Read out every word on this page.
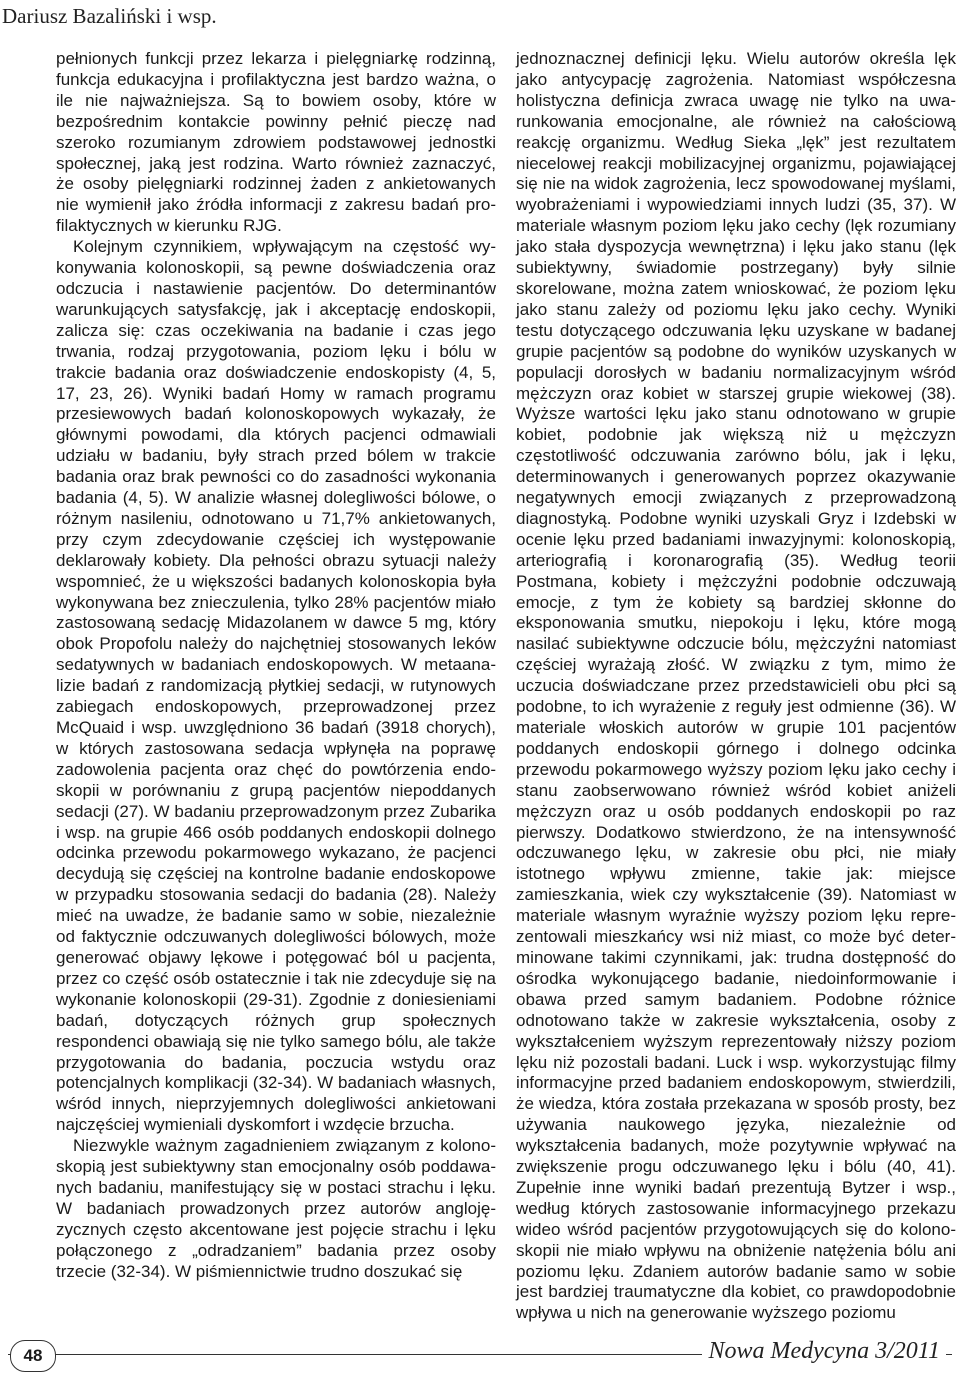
Dariusz Bazaliński i wsp.

pełnionych funkcji przez lekarza i pielęgniarkę rodzinną, funkcja edukacyjna i profilaktyczna jest bardzo ważna, o ile nie najważniejsza. Są to bowiem osoby, które w bezpośrednim kontakcie powinny pełnić pieczę nad szeroko rozumianym zdrowiem podstawowej jednostki społecznej, jaką jest rodzina. Warto również zaznaczyć, że osoby pielęgniarki rodzinnej żaden z ankietowanych nie wymienił jako źródła informacji z zakresu badań profilaktycznych w kierunku RJG.

Kolejnym czynnikiem, wpływającym na częstość wykonywania kolonoskopii, są pewne doświadczenia oraz odczucia i nastawienie pacjentów. Do determinantów warunkujących satysfakcję, jak i akceptację endoskopii, zalicza się: czas oczekiwania na badanie i czas jego trwania, rodzaj przygotowania, poziom lęku i bólu w trakcie badania oraz doświadczenie endoskopisty (4, 5, 17, 23, 26). Wyniki badań Homy w ramach programu przesiewowych badań kolonoskopowych wykazały, że głównymi powodami, dla których pacjenci odmawiali udziału w badaniu, były strach przed bólem w trakcie badania oraz brak pewności co do zasadności wykonania badania (4, 5). W analizie własnej dolegliwości bólowe, o różnym nasileniu, odnotowano u 71,7% ankietowanych, przy czym zdecydowanie częściej ich występowanie deklarowały kobiety. Dla pełności obrazu sytuacji należy wspomnieć, że u większości badanych kolonoskopia była wykonywana bez znieczulenia, tylko 28% pacjentów miało zastosowaną sedację Midazolanem w dawce 5 mg, który obok Propofolu należy do najchętniej stosowanych leków sedatywnych w badaniach endoskopowych. W metaanalizie badań z randomizacją płytkiej sedacji, w rutynowych zabiegach endoskopowych, przeprowadzonej przez McQuaid i wsp. uwzględniono 36 badań (3918 chorych), w których zastosowana sedacja wpłynęła na poprawę zadowolenia pacjenta oraz chęć do powtórzenia endoskopii w porównaniu z grupą pacjentów niepoddanych sedacji (27). W badaniu przeprowadzonym przez Zubarika i wsp. na grupie 466 osób poddanych endoskopii dolnego odcinka przewodu pokarmowego wykazano, że pacjenci decydują się częściej na kontrolne badanie endoskopowe w przypadku stosowania sedacji do badania (28). Należy mieć na uwadze, że badanie samo w sobie, niezależnie od faktycznie odczuwanych dolegliwości bólowych, może generować objawy lękowe i potęgować ból u pacjenta, przez co część osób ostatecznie i tak nie zdecyduje się na wykonanie kolonoskopii (29-31). Zgodnie z doniesieniami badań, dotyczących różnych grup społecznych respondenci obawiają się nie tylko samego bólu, ale także przygotowania do badania, poczucia wstydu oraz potencjalnych komplikacji (32-34). W badaniach własnych, wśród innych, nieprzyjemnych dolegliwości ankietowani najczęściej wymieniali dyskomfort i wzdęcie brzucha.

Niezwykle ważnym zagadnieniem związanym z kolonoskopią jest subiektywny stan emocjonalny osób poddawanych badaniu, manifestujący się w postaci strachu i lęku. W badaniach prowadzonych przez autorów anglojęzycznych często akcentowane jest pojęcie strachu i lęku połączonego z „odradzaniem” badania przez osoby trzecie (32-34). W piśmiennictwie trudno doszukać się

jednoznacznej definicji lęku. Wielu autorów określa lęk jako antycypację zagrożenia. Natomiast współczesna holistyczna definicja zwraca uwagę nie tylko na uwarunkowania emocjonalne, ale również na całościową reakcję organizmu. Według Sieka „lęk” jest rezultatem niecelowej reakcji mobilizacyjnej organizmu, pojawiającej się nie na widok zagrożenia, lecz spowodowanej myślami, wyobrażeniami i wypowiedziami innych ludzi (35, 37). W materiale własnym poziom lęku jako cechy (lęk rozumiany jako stała dyspozycja wewnętrzna) i lęku jako stanu (lęk subiektywny, świadomie postrzegany) były silnie skorelowane, można zatem wnioskować, że poziom lęku jako stanu zależy od poziomu lęku jako cechy. Wyniki testu dotyczącego odczuwania lęku uzyskane w badanej grupie pacjentów są podobne do wyników uzyskanych w populacji dorosłych w badaniu normalizacyjnym wśród mężczyzn oraz kobiet w starszej grupie wiekowej (38). Wyższe wartości lęku jako stanu odnotowano w grupie kobiet, podobnie jak większą niż u mężczyzn częstotliwość odczuwania zarówno bólu, jak i lęku, determinowanych i generowanych poprzez okazywanie negatywnych emocji związanych z przeprowadzoną diagnostyką. Podobne wyniki uzyskali Gryz i Izdebski w ocenie lęku przed badaniami inwazyjnymi: kolonoskopią, arteriografią i koronarografią (35). Według teorii Postmana, kobiety i mężczyźni podobnie odczuwają emocje, z tym że kobiety są bardziej skłonne do eksponowania smutku, niepokoju i lęku, które mogą nasilać subiektywne odczucie bólu, mężczyźni natomiast częściej wyrażają złość. W związku z tym, mimo że uczucia doświadczane przez przedstawicieli obu płci są podobne, to ich wyrażenie z reguły jest odmienne (36). W materiale włoskich autorów w grupie 101 pacjentów poddanych endoskopii górnego i dolnego odcinka przewodu pokarmowego wyższy poziom lęku jako cechy i stanu zaobserwowano również wśród kobiet aniżeli mężczyzn oraz u osób poddanych endoskopii po raz pierwszy. Dodatkowo stwierdzono, że na intensywność odczuwanego lęku, w zakresie obu płci, nie miały istotnego wpływu zmienne, takie jak: miejsce zamieszkania, wiek czy wykształcenie (39). Natomiast w materiale własnym wyraźnie wyższy poziom lęku reprezentowali mieszkańcy wsi niż miast, co może być determinowane takimi czynnikami, jak: trudna dostępność do ośrodka wykonującego badanie, niedoinformowanie i obawa przed samym badaniem. Podobne różnice odnotowano także w zakresie wykształcenia, osoby z wykształceniem wyższym reprezentowały niższy poziom lęku niż pozostali badani. Luck i wsp. wykorzystując filmy informacyjne przed badaniem endoskopowym, stwierdzili, że wiedza, która została przekazana w sposób prosty, bez używania naukowego języka, niezależnie od wykształcenia badanych, może pozytywnie wpływać na zwiększenie progu odczuwanego lęku i bólu (40, 41). Zupełnie inne wyniki badań prezentują Bytzer i wsp., według których zastosowanie informacyjnego przekazu wideo wśród pacjentów przygotowujących się do kolonoskopii nie miało wpływu na obniżenie natężenia bólu ani poziomu lęku. Zdaniem autorów badanie samo w sobie jest bardziej traumatyczne dla kobiet, co prawdopodobnie wpływa u nich na generowanie wyższego poziomu

48	Nowa Medycyna 3/2011
